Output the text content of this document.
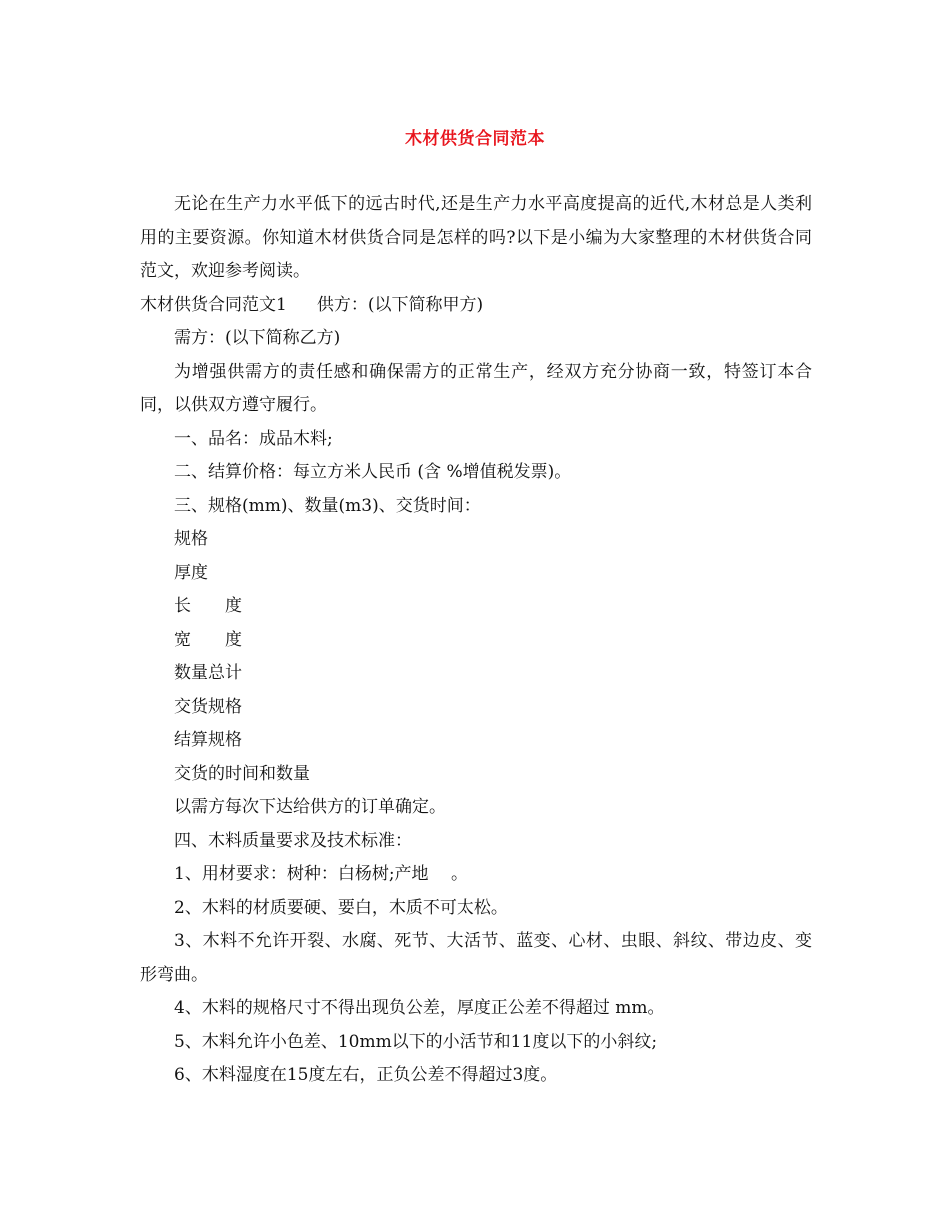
木材供货合同范本

无论在生产力水平低下的远古时代,还是生产力水平高度提高的近代,木材总是人类利用的主要资源。你知道木材供货合同是怎样的吗?以下是小编为大家整理的木材供货合同范文，欢迎参考阅读。

木材供货合同范文1 供方：(以下简称甲方)

需方：(以下简称乙方)

为增强供需方的责任感和确保需方的正常生产，经双方充分协商一致，特签订本合同，以供双方遵守履行。

一、品名：成品木料;

二、结算价格：每立方米人民币 (含 %增值税发票)。

三、规格(mm)、数量(m3)、交货时间：

规格

厚度

长　　度

宽　　度

数量总计

交货规格

结算规格

交货的时间和数量

以需方每次下达给供方的订单确定。

四、木料质量要求及技术标准：

1、用材要求：树种：白杨树;产地　 。

2、木料的材质要硬、要白，木质不可太松。

3、木料不允许开裂、水腐、死节、大活节、蓝变、心材、虫眼、斜纹、带边皮、变形弯曲。

4、木料的规格尺寸不得出现负公差，厚度正公差不得超过 mm。

5、木料允许小色差、10mm以下的小活节和11度以下的小斜纹;

6、木料湿度在15度左右，正负公差不得超过3度。
